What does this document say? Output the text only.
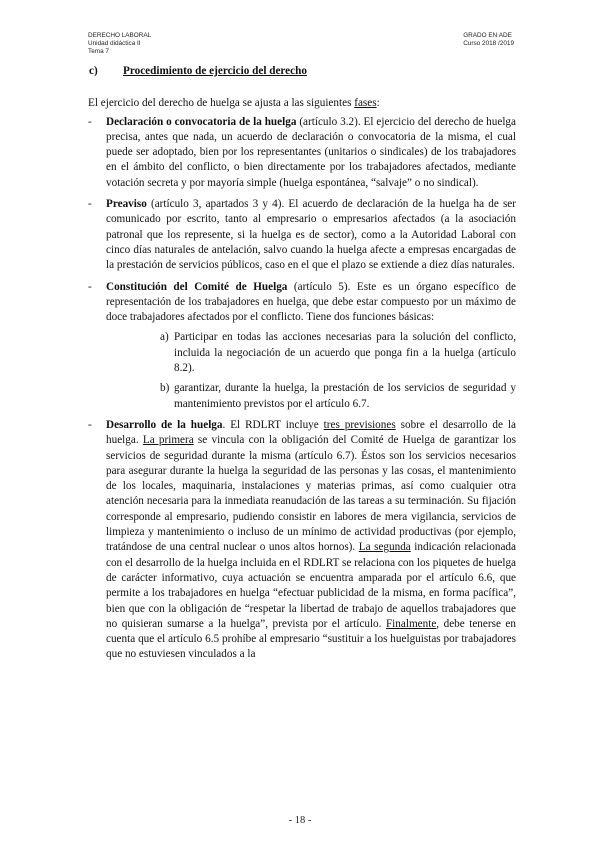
DERECHO LABORAL
Unidad didáctica II
Tema 7
GRADO EN ADE
Curso 2018 /2019
c) Procedimiento de ejercicio del derecho

El ejercicio del derecho de huelga se ajusta a las siguientes fases:

- Declaración o convocatoria de la huelga (artículo 3.2). El ejercicio del derecho de huelga precisa, antes que nada, un acuerdo de declaración o convocatoria de la misma, el cual puede ser adoptado, bien por los representantes (unitarios o sindicales) de los trabajadores en el ámbito del conflicto, o bien directamente por los trabajadores afectados, mediante votación secreta y por mayoría simple (huelga espontánea, “salvaje” o no sindical).

- Preaviso (artículo 3, apartados 3 y 4). El acuerdo de declaración de la huelga ha de ser comunicado por escrito, tanto al empresario o empresarios afectados (a la asociación patronal que los represente, si la huelga es de sector), como a la Autoridad Laboral con cinco días naturales de antelación, salvo cuando la huelga afecte a empresas encargadas de la prestación de servicios públicos, caso en el que el plazo se extiende a diez días naturales.

- Constitución del Comité de Huelga (artículo 5). Este es un órgano específico de representación de los trabajadores en huelga, que debe estar compuesto por un máximo de doce trabajadores afectados por el conflicto. Tiene dos funciones básicas:

a) Participar en todas las acciones necesarias para la solución del conflicto, incluida la negociación de un acuerdo que ponga fin a la huelga (artículo 8.2).

b) garantizar, durante la huelga, la prestación de los servicios de seguridad y mantenimiento previstos por el artículo 6.7.

- Desarrollo de la huelga. El RDLRT incluye tres previsiones sobre el desarrollo de la huelga. La primera se vincula con la obligación del Comité de Huelga de garantizar los servicios de seguridad durante la misma (artículo 6.7). Éstos son los servicios necesarios para asegurar durante la huelga la seguridad de las personas y las cosas, el mantenimiento de los locales, maquinaria, instalaciones y materias primas, así como cualquier otra atención necesaria para la inmediata reanudación de las tareas a su terminación. Su fijación corresponde al empresario, pudiendo consistir en labores de mera vigilancia, servicios de limpieza y mantenimiento o incluso de un mínimo de actividad productivas (por ejemplo, tratándose de una central nuclear o unos altos hornos). La segunda indicación relacionada con el desarrollo de la huelga incluida en el RDLRT se relaciona con los piquetes de huelga de carácter informativo, cuya actuación se encuentra amparada por el artículo 6.6, que permite a los trabajadores en huelga “efectuar publicidad de la misma, en forma pacífica”, bien que con la obligación de “respetar la libertad de trabajo de aquellos trabajadores que no quisieran sumarse a la huelga”, prevista por el artículo. Finalmente, debe tenerse en cuenta que el artículo 6.5 prohíbe al empresario “sustituir a los huelguistas por trabajadores que no estuviesen vinculados a la

- 18 -
